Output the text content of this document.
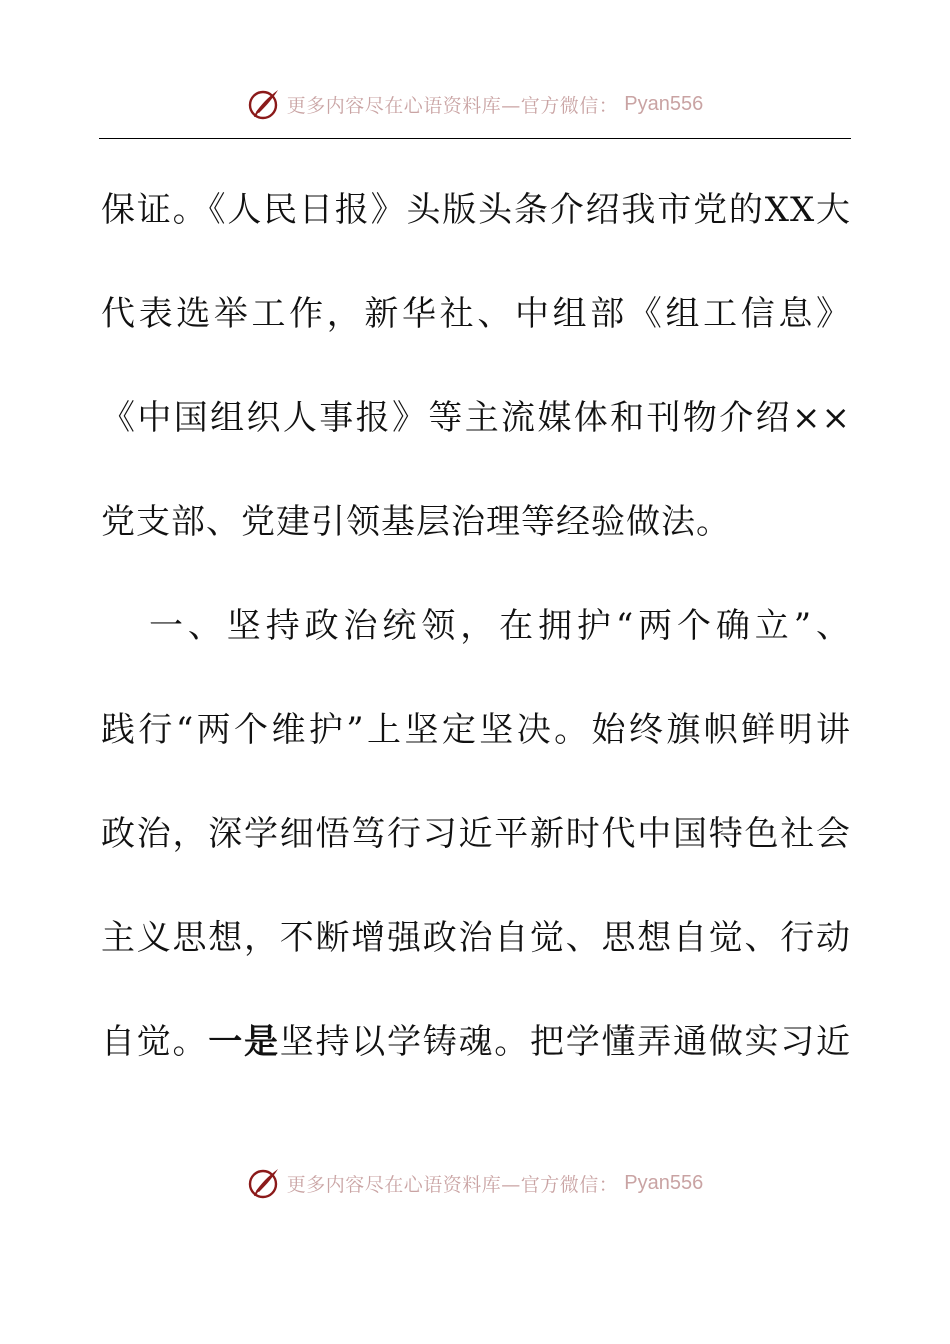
更多内容尽在心语资料库—官方微信： Pyan556
保证。《人民日报》头版头条介绍我市党的XX大
代表选举工作，新华社、中组部《组工信息》
《中国组织人事报》等主流媒体和刊物介绍××
党支部、党建引领基层治理等经验做法。
一、坚持政治统领，在拥护“两个确立”、
践行“两个维护”上坚定坚决。始终旗帜鲜明讲
政治，深学细悟笃行习近平新时代中国特色社会
主义思想，不断增强政治自觉、思想自觉、行动
自觉。一是坚持以学铸魂。把学懂弄通做实习近
更多内容尽在心语资料库—官方微信： Pyan556
